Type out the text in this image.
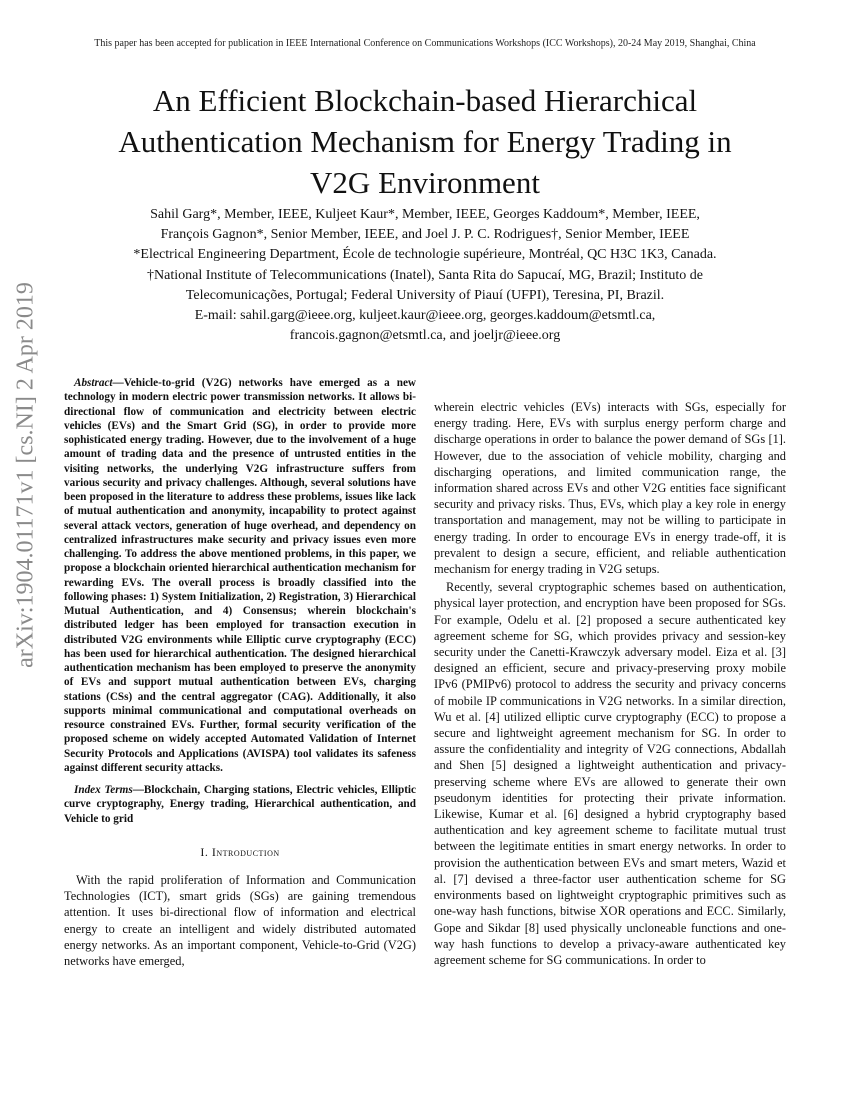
This paper has been accepted for publication in IEEE International Conference on Communications Workshops (ICC Workshops), 20-24 May 2019, Shanghai, China
arXiv:1904.01171v1 [cs.NI] 2 Apr 2019
An Efficient Blockchain-based Hierarchical
Authentication Mechanism for Energy Trading in
V2G Environment
Sahil Garg*, Member, IEEE, Kuljeet Kaur*, Member, IEEE, Georges Kaddoum*, Member, IEEE,
François Gagnon*, Senior Member, IEEE, and Joel J. P. C. Rodrigues†, Senior Member, IEEE
*Electrical Engineering Department, École de technologie supérieure, Montréal, QC H3C 1K3, Canada.
†National Institute of Telecommunications (Inatel), Santa Rita do Sapucaí, MG, Brazil; Instituto de
Telecomunicações, Portugal; Federal University of Piauí (UFPI), Teresina, PI, Brazil.
E-mail: sahil.garg@ieee.org, kuljeet.kaur@ieee.org, georges.kaddoum@etsmtl.ca,
francois.gagnon@etsmtl.ca, and joeljr@ieee.org

Abstract—Vehicle-to-grid (V2G) networks have emerged as a new technology in modern electric power transmission networks. It allows bi-directional flow of communication and electricity between electric vehicles (EVs) and the Smart Grid (SG), in order to provide more sophisticated energy trading. However, due to the involvement of a huge amount of trading data and the presence of untrusted entities in the visiting networks, the underlying V2G infrastructure suffers from various security and privacy challenges. Although, several solutions have been proposed in the literature to address these problems, issues like lack of mutual authentication and anonymity, incapability to protect against several attack vectors, generation of huge overhead, and dependency on centralized infrastructures make security and privacy issues even more challenging. To address the above mentioned problems, in this paper, we propose a blockchain oriented hierarchical authentication mechanism for rewarding EVs. The overall process is broadly classified into the following phases: 1) System Initialization, 2) Registration, 3) Hierarchical Mutual Authentication, and 4) Consensus; wherein blockchain's distributed ledger has been employed for transaction execution in distributed V2G environments while Elliptic curve cryptography (ECC) has been used for hierarchical authentication. The designed hierarchical authentication mechanism has been employed to preserve the anonymity of EVs and support mutual authentication between EVs, charging stations (CSs) and the central aggregator (CAG). Additionally, it also supports minimal communicational and computational overheads on resource constrained EVs. Further, formal security verification of the proposed scheme on widely accepted Automated Validation of Internet Security Protocols and Applications (AVISPA) tool validates its safeness against different security attacks.

Index Terms—Blockchain, Charging stations, Electric vehicles, Elliptic curve cryptography, Energy trading, Hierarchical authentication, and Vehicle to grid

I. Introduction

With the rapid proliferation of Information and Communication Technologies (ICT), smart grids (SGs) are gaining tremendous attention. It uses bi-directional flow of information and electrical energy to create an intelligent and widely distributed automated energy networks. As an important component, Vehicle-to-Grid (V2G) networks have emerged,

wherein electric vehicles (EVs) interacts with SGs, especially for energy trading. Here, EVs with surplus energy perform charge and discharge operations in order to balance the power demand of SGs [1]. However, due to the association of vehicle mobility, charging and discharging operations, and limited communication range, the information shared across EVs and other V2G entities face significant security and privacy risks. Thus, EVs, which play a key role in energy transportation and management, may not be willing to participate in energy trading. In order to encourage EVs in energy trade-off, it is prevalent to design a secure, efficient, and reliable authentication mechanism for energy trading in V2G setups.

Recently, several cryptographic schemes based on authentication, physical layer protection, and encryption have been proposed for SGs. For example, Odelu et al. [2] proposed a secure authenticated key agreement scheme for SG, which provides privacy and session-key security under the Canetti-Krawczyk adversary model. Eiza et al. [3] designed an efficient, secure and privacy-preserving proxy mobile IPv6 (PMIPv6) protocol to address the security and privacy concerns of mobile IP communications in V2G networks. In a similar direction, Wu et al. [4] utilized elliptic curve cryptography (ECC) to propose a secure and lightweight agreement mechanism for SG. In order to assure the confidentiality and integrity of V2G connections, Abdallah and Shen [5] designed a lightweight authentication and privacy-preserving scheme where EVs are allowed to generate their own pseudonym identities for protecting their private information. Likewise, Kumar et al. [6] designed a hybrid cryptography based authentication and key agreement scheme to facilitate mutual trust between the legitimate entities in smart energy networks. In order to provision the authentication between EVs and smart meters, Wazid et al. [7] devised a three-factor user authentication scheme for SG environments based on lightweight cryptographic primitives such as one-way hash functions, bitwise XOR operations and ECC. Similarly, Gope and Sikdar [8] used physically uncloneable functions and one-way hash functions to develop a privacy-aware authenticated key agreement scheme for SG communications. In order to
